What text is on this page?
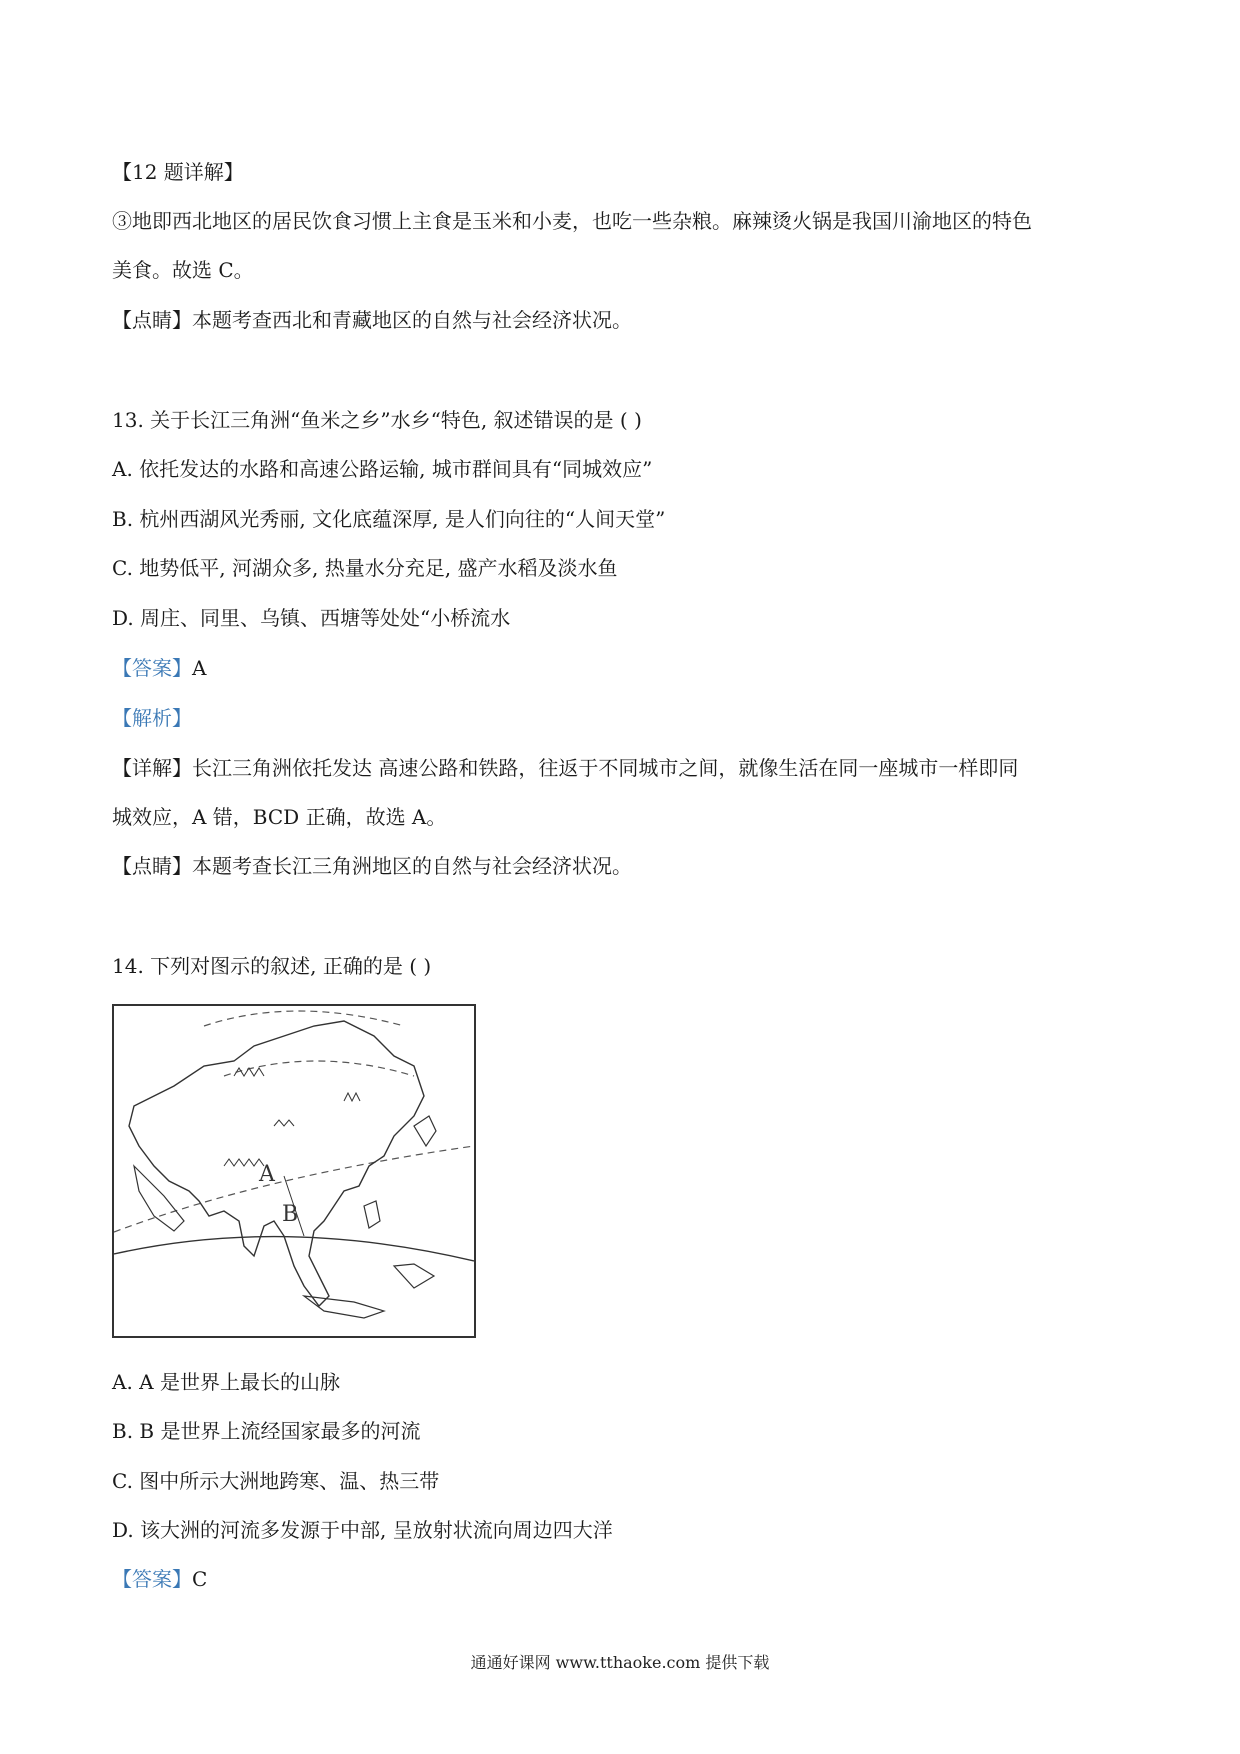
【12 题详解】
③地即西北地区的居民饮食习惯上主食是玉米和小麦，也吃一些杂粮。麻辣烫火锅是我国川渝地区的特色
美食。故选 C。
【点睛】本题考查西北和青藏地区的自然与社会经济状况。
13. 关于长江三角洲“鱼米之乡”水乡“特色, 叙述错误的是 ( )
A. 依托发达的水路和高速公路运输, 城市群间具有“同城效应”
B. 杭州西湖风光秀丽, 文化底蕴深厚, 是人们向往的“人间天堂”
C. 地势低平, 河湖众多, 热量水分充足, 盛产水稻及淡水鱼
D. 周庄、同里、乌镇、西塘等处处“小桥流水
【答案】A
【解析】
【详解】长江三角洲依托发达 高速公路和铁路，往返于不同城市之间，就像生活在同一座城市一样即同
城效应，A 错，BCD 正确，故选 A。
【点睛】本题考查长江三角洲地区的自然与社会经济状况。
14. 下列对图示的叙述, 正确的是 ( )
A
B
A. A 是世界上最长的山脉
B. B 是世界上流经国家最多的河流
C. 图中所示大洲地跨寒、温、热三带
D. 该大洲的河流多发源于中部, 呈放射状流向周边四大洋
【答案】C
通通好课网 www.tthaoke.com 提供下载
